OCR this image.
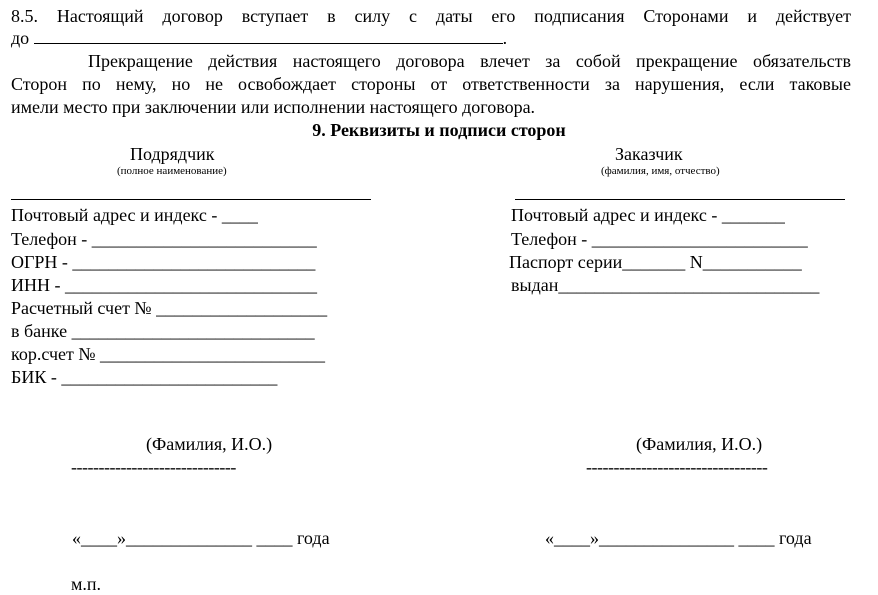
8.5. Настоящий договор вступает в силу с даты его подписания Сторонами и действует
до	.
Прекращение действия настоящего договора влечет за собой прекращение обязательств
Сторон по нему, но не освобождает стороны от ответственности за нарушения, если таковые
имели место при заключении или исполнении настоящего договора.
9. Реквизиты и подписи сторон
Подрядчик
(полное наименование)
Почтовый адрес и индекс - ____
Телефон - _________________________
ОГРН - ___________________________
ИНН - ____________________________
Расчетный счет № ___________________
в банке ___________________________
кор.счет № _________________________
БИК - ________________________
(Фамилия, И.О.)
------------------------------
«____»______________ ____ года
м.п.
Заказчик
(фамилия, имя, отчество)
Почтовый адрес и индекс - _______
Телефон - ________________________
Паспорт серии_______ N___________
выдан_____________________________
(Фамилия, И.О.)
---------------------------------
«____»_______________ ____ года
